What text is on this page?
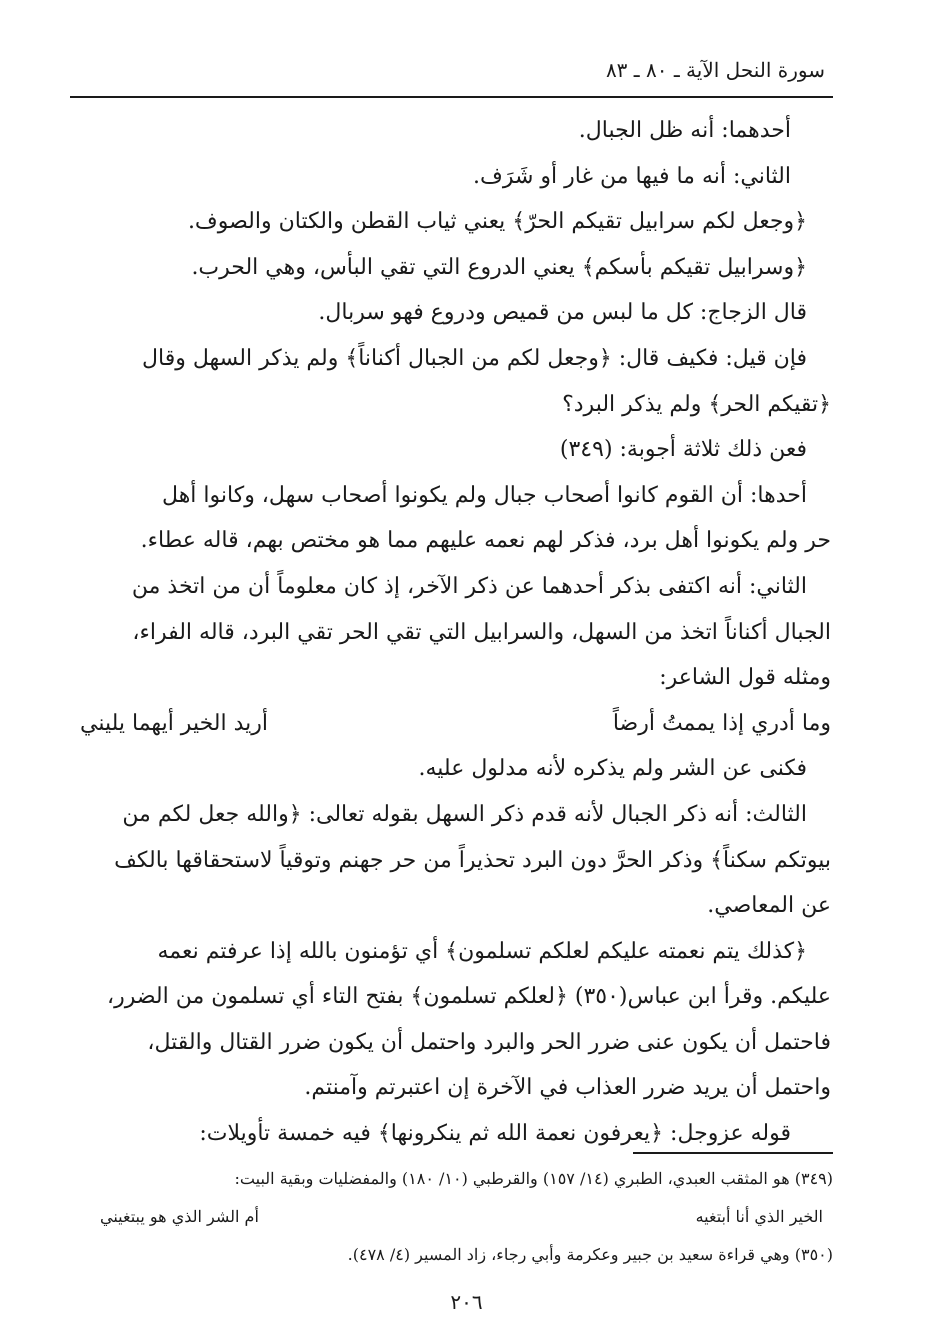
سورة النحل الآية ـ ٨٠ ـ ٨٣

أحدهما: أنه ظل الجبال.

الثاني: أنه ما فيها من غار أو شَرَف.

﴿وجعل لكم سرابيل تقيكم الحرّ﴾ يعني ثياب القطن والكتان والصوف.

﴿وسرابيل تقيكم بأسكم﴾ يعني الدروع التي تقي البأس، وهي الحرب.

قال الزجاج: كل ما لبس من قميص ودروع فهو سربال.

فإن قيل: فكيف قال: ﴿وجعل لكم من الجبال أكناناً﴾ ولم يذكر السهل وقال

﴿تقيكم الحر﴾ ولم يذكر البرد؟

فعن ذلك ثلاثة أجوبة: (٣٤٩)

أحدها: أن القوم كانوا أصحاب جبال ولم يكونوا أصحاب سهل، وكانوا أهل

حر ولم يكونوا أهل برد، فذكر لهم نعمه عليهم مما هو مختص بهم، قاله عطاء.

الثاني: أنه اكتفى بذكر أحدهما عن ذكر الآخر، إذ كان معلوماً أن من اتخذ من

الجبال أكناناً اتخذ من السهل، والسرابيل التي تقي الحر تقي البرد، قاله الفراء،

ومثله قول الشاعر:

وما أدري إذا يممتُ أرضاً
أريد الخير أيهما يليني

فكنى عن الشر ولم يذكره لأنه مدلول عليه.

الثالث: أنه ذكر الجبال لأنه قدم ذكر السهل بقوله تعالى: ﴿والله جعل لكم من

بيوتكم سكناً﴾ وذكر الحرَّ دون البرد تحذيراً من حر جهنم وتوقياً لاستحقاقها بالكف

عن المعاصي.

﴿كذلك يتم نعمته عليكم لعلكم تسلمون﴾ أي تؤمنون بالله إذا عرفتم نعمه

عليكم. وقرأ ابن عباس(٣٥٠) ﴿لعلكم تسلمون﴾ بفتح التاء أي تسلمون من الضرر،

فاحتمل أن يكون عنى ضرر الحر والبرد واحتمل أن يكون ضرر القتال والقتل،

واحتمل أن يريد ضرر العذاب في الآخرة إن اعتبرتم وآمنتم.

قوله عزوجل: ﴿يعرفون نعمة الله ثم ينكرونها﴾ فيه خمسة تأويلات:

(٣٤٩) هو المثقب العبدي، الطبري (١٤/ ١٥٧) والقرطبي (١٠/ ١٨٠) والمفضليات وبقية البيت:

الخير الذي أنا أبتغيه
أم الشر الذي هو يبتغيني

(٣٥٠) وهي قراءة سعيد بن جبير وعكرمة وأبي رجاء، زاد المسير (٤/ ٤٧٨).

٢٠٦
